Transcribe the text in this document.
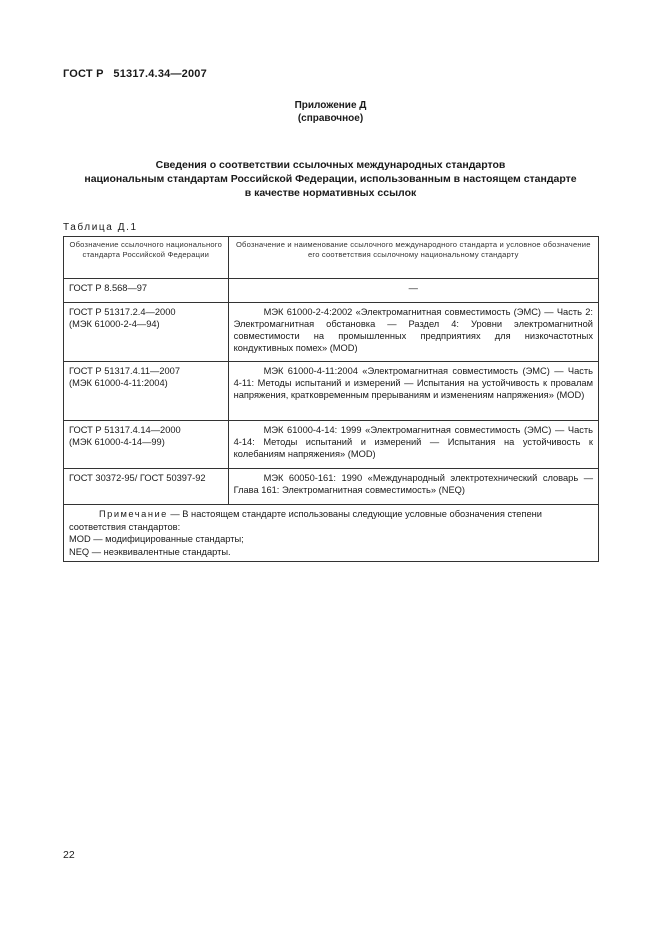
ГОСТ Р   51317.4.34—2007
Приложение Д
(справочное)
Сведения о соответствии ссылочных международных стандартов
национальным стандартам Российской Федерации, использованным в настоящем стандарте
в качестве нормативных ссылок
Таблица Д.1
Обозначение ссылочного национального стандарта Российской Федерации	Обозначение и наименование ссылочного международного стандарта и условное обозначение его соответствия ссылочному национальному стандарту

ГОСТ Р 8.568—97	—

ГОСТ Р 51317.2.4—2000
(МЭК 61000-2-4—94)	МЭК 61000-2-4:2002 «Электромагнитная совместимость (ЭМС) — Часть 2: Электромагнитная обстановка — Раздел 4: Уровни электромагнитной совместимости на промышленных предприятиях для низкочастотных кондуктивных помех» (MOD)

ГОСТ Р 51317.4.11—2007
(МЭК 61000-4-11:2004)	МЭК 61000-4-11:2004 «Электромагнитная совместимость (ЭМС) — Часть 4-11: Методы испытаний и измерений — Испытания на устойчивость к провалам напряжения, кратковременным прерываниям и изменениям напряжения» (MOD)

ГОСТ Р 51317.4.14—2000
(МЭК 61000-4-14—99)	МЭК 61000-4-14: 1999 «Электромагнитная совместимость (ЭМС) — Часть 4-14: Методы испытаний и измерений — Испытания на устойчивость к колебаниям напряжения» (MOD)

ГОСТ 30372-95/ ГОСТ 50397-92	МЭК 60050-161: 1990 «Международный электротехнический словарь — Глава 161: Электромагнитная совместимость» (NEQ)

Примечание — В настоящем стандарте использованы следующие условные обозначения степени соответствия стандартов:
MOD — модифицированные стандарты;
NEQ — неэквивалентные стандарты.	
22
